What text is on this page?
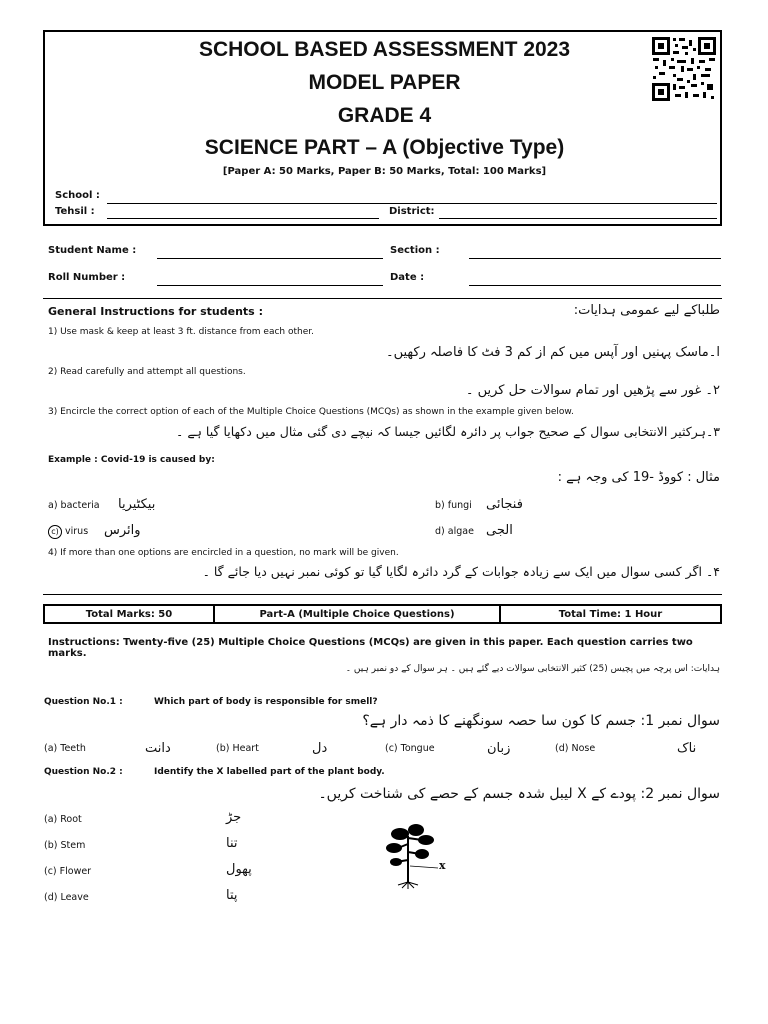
SCHOOL BASED ASSESSMENT 2023
MODEL PAPER
GRADE 4
SCIENCE PART – A (Objective Type)
[Paper A: 50 Marks, Paper B: 50 Marks, Total: 100 Marks]
School :
Tehsil :	District:
Student Name :	Section :
Roll Number :	Date :
General Instructions for students :	طلباکے لیے عمومی ہدایات:
1) Use mask & keep at least 3 ft. distance from each other.
ا۔ماسک پہنیں اور آپس میں کم از کم 3 فٹ کا فاصلہ رکھیں۔
2) Read carefully and attempt all questions.
۲۔ غور سے پڑھیں اور تمام سوالات حل کریں ۔
3) Encircle the correct option of each of the Multiple Choice Questions (MCQs) as shown in the example given below.
۳۔ہرکثیر الانتخابی سوال کے صحیح جواب پر دائرہ لگائیں جیسا کہ نیچے دی گئی مثال میں دکھایا گیا ہے ۔
Example : Covid-19 is caused by:
مثال : کووڈ -19 کی وجہ ہے :
a) bacteria بیکٹیریا	b) fungi فنجائی
c) virus وائرس	d) algae الجی
4) If more than one options are encircled in a question, no mark will be given.
۴۔ اگر کسی سوال میں ایک سے زیادہ جوابات کے گرد دائرہ لگایا گیا تو کوئی نمبر نہیں دیا جائے گا ۔
Total Marks: 50	Part-A (Multiple Choice Questions)	Total Time: 1 Hour
Instructions: Twenty-five (25) Multiple Choice Questions (MCQs) are given in this paper. Each question carries two marks.
ہدایات: اس پرچہ میں پچیس (25) کثیر الانتخابی سوالات دیے گئے ہیں ۔ ہر سوال کے دو نمبر ہیں ۔
Question No.1 :	Which part of body is responsible for smell?
سوال نمبر 1: جسم کا کون سا حصہ سونگھنے کا ذمہ دار ہے؟
(a) Teeth	دانت	(b) Heart	دل	(c) Tongue	زبان	(d) Nose	ناک
Question No.2 :	Identify the X labelled part of the plant body.
سوال نمبر 2: پودے کے X لیبل شدہ جسم کے حصے کی شناخت کریں۔
(a) Root	جڑ
(b) Stem	تنا
(c) Flower	پھول
(d) Leave	پتا
x
